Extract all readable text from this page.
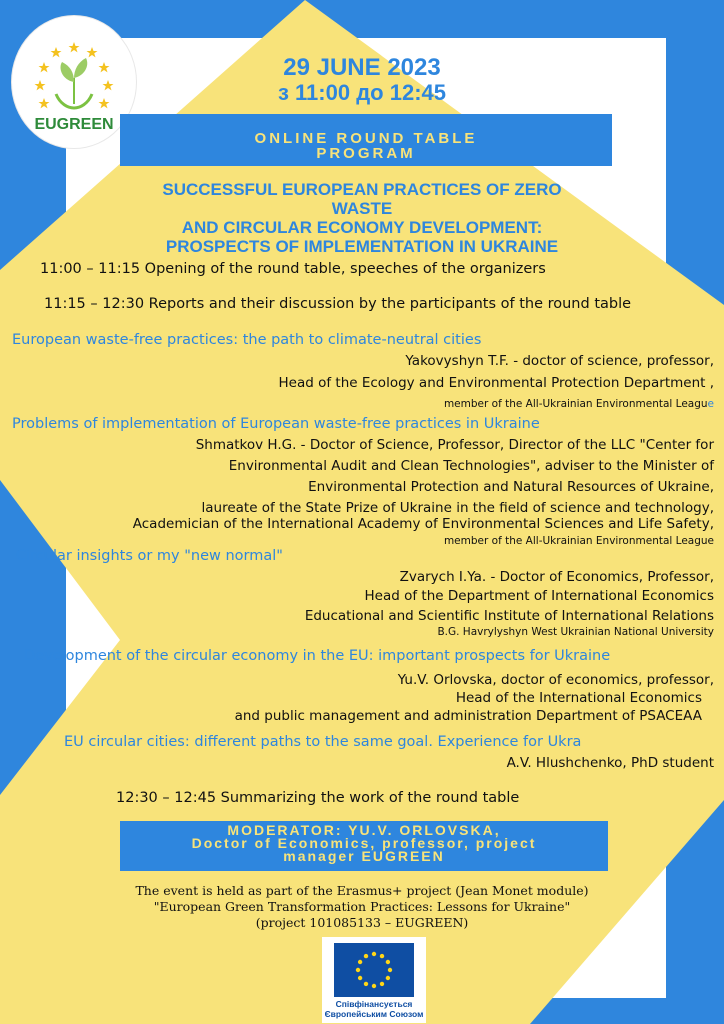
EUGREEN
29 JUNE 2023
з 11:00 до 12:45
ONLINE ROUND TABLE
PROGRAM
SUCCESSFUL EUROPEAN PRACTICES OF ZERO WASTE
AND CIRCULAR ECONOMY DEVELOPMENT:
PROSPECTS OF IMPLEMENTATION IN UKRAINE
11:00 – 11:15 Opening of the round table, speeches of the organizers
11:15 – 12:30 Reports and their discussion by the participants of the round table
European waste-free practices: the path to climate-neutral cities
Yakovyshyn T.F. - doctor of science, professor,
Head of the Ecology and Environmental Protection Department ,
member of the All-Ukrainian Environmental League
Problems of implementation of European waste-free practices in Ukraine
Shmatkov H.G. - Doctor of Science, Professor, Director of the LLC "Center for
Environmental Audit and Clean Technologies", adviser to the Minister of
Environmental Protection and Natural Resources of Ukraine,
laureate of the State Prize of Ukraine in the field of science and technology,
Academician of the International Academy of Environmental Sciences and Life Safety,
member of the All-Ukrainian Environmental League
Circular insights or my "new normal"
Zvarych I.Ya. - Doctor of Economics, Professor,
Head of the Department of International Economics
Educational and Scientific Institute of International Relations
B.G. Havrylyshyn West Ukrainian National University
Development of the circular economy in the EU: important prospects for Ukraine
Yu.V. Orlovska, doctor of economics, professor,
Head of the International Economics
and public management and administration Department of PSACEAA
EU circular cities: different paths to the same goal. Experience for Ukra
A.V. Hlushchenko, PhD student
12:30 – 12:45 Summarizing the work of the round table
MODERATOR: YU.V. ORLOVSKA,
Doctor of Economics, professor, project
manager EUGREEN
The event is held as part of the Erasmus+ project (Jean Monet module)
"European Green Transformation Practices: Lessons for Ukraine"
(project 101085133 – EUGREEN)
Співфінансується
Європейським Союзом
